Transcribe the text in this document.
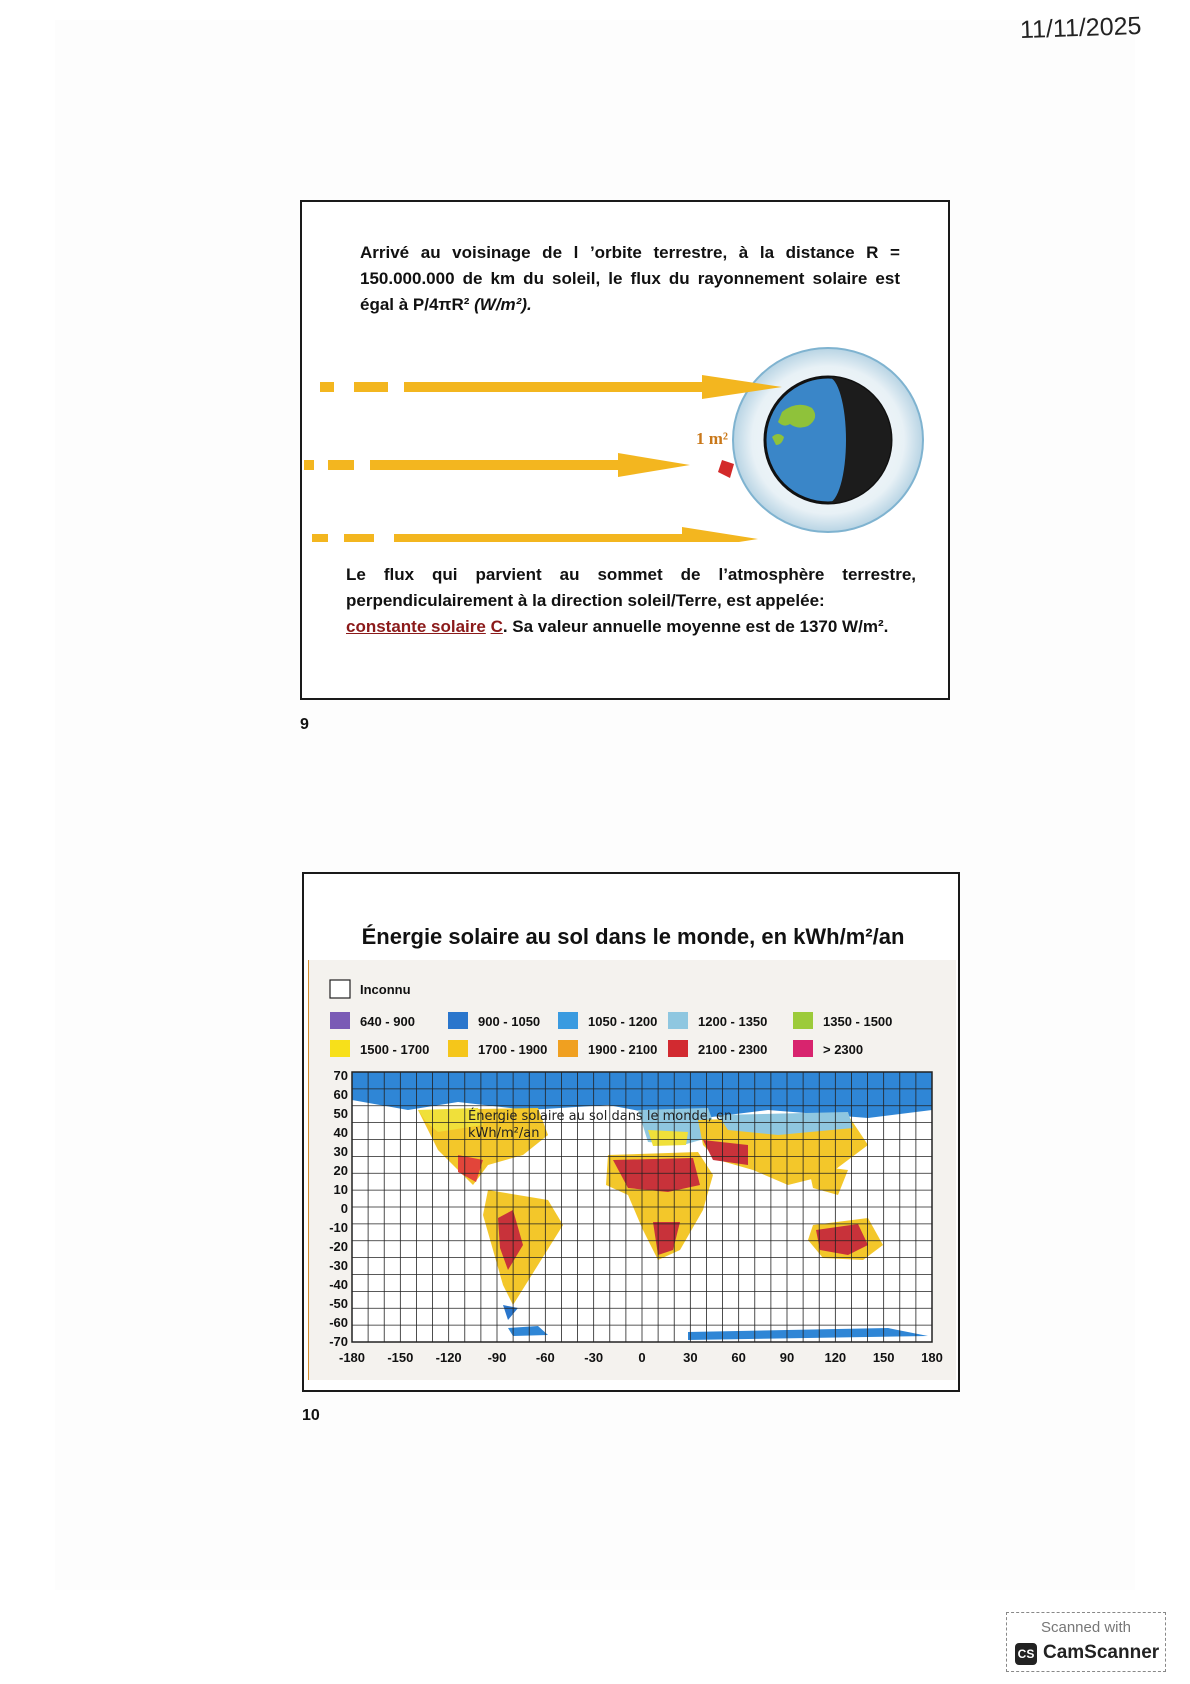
11/11/2025
Arrivé au voisinage de l ’orbite terrestre, à la distance R = 150.000.000 de km du soleil, le flux du rayonnement solaire est égal à P/4πR² (W/m²).
1 m²
Le flux qui parvient au sommet de l’atmosphère terrestre, perpendiculairement à la direction soleil/Terre, est appelée:
constante solaire C. Sa valeur annuelle moyenne est de 1370 W/m².
9
Énergie solaire au sol dans le monde, en kWh/m²/an
Inconnu
640 - 900	900 - 1050	1050 - 1200	1200 - 1350	1350 - 1500
1500 - 1700	1700 - 1900	1900 - 2100	2100 - 2300	> 2300
Énergie solaire au sol dans le monde, en
kWh/m²/an
70
60
50
40
30
20
10
0
-10
-20
-30
-40
-50
-60
-70
-180 -150 -120 -90 -60 -30	0	30	60	90 120 150 180
10
Scanned with
CS CamScanner
